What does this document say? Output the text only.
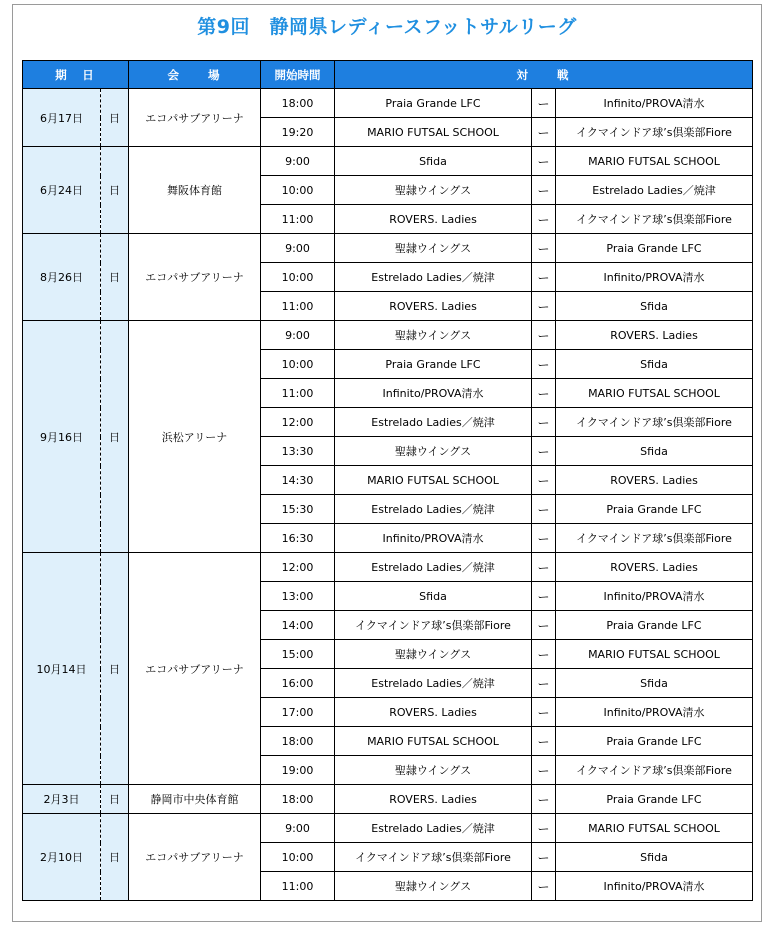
第9回　静岡県レディースフットサルリーグ
期　日		会　　場	開始時間	対　　戦		
6月17日	日	エコパサブアリーナ	18:00	Praia Grande LFC	ー	Infinito/PROVA清水
			19:20	MARIO FUTSAL SCHOOL	ー	イクマインドア球’s倶楽部Fiore
6月24日	日	舞阪体育館	9:00	Sfida	ー	MARIO FUTSAL SCHOOL
			10:00	聖隷ウイングス	ー	Estrelado Ladies／焼津
			11:00	ROVERS. Ladies	ー	イクマインドア球’s倶楽部Fiore
8月26日	日	エコパサブアリーナ	9:00	聖隷ウイングス	ー	Praia Grande LFC
			10:00	Estrelado Ladies／焼津	ー	Infinito/PROVA清水
			11:00	ROVERS. Ladies	ー	Sfida
9月16日	日	浜松アリーナ	9:00	聖隷ウイングス	ー	ROVERS. Ladies
			10:00	Praia Grande LFC	ー	Sfida
			11:00	Infinito/PROVA清水	ー	MARIO FUTSAL SCHOOL
			12:00	Estrelado Ladies／焼津	ー	イクマインドア球’s倶楽部Fiore
			13:30	聖隷ウイングス	ー	Sfida
			14:30	MARIO FUTSAL SCHOOL	ー	ROVERS. Ladies
			15:30	Estrelado Ladies／焼津	ー	Praia Grande LFC
			16:30	Infinito/PROVA清水	ー	イクマインドア球’s倶楽部Fiore
10月14日	日	エコパサブアリーナ	12:00	Estrelado Ladies／焼津	ー	ROVERS. Ladies
			13:00	Sfida	ー	Infinito/PROVA清水
			14:00	イクマインドア球’s倶楽部Fiore	ー	Praia Grande LFC
			15:00	聖隷ウイングス	ー	MARIO FUTSAL SCHOOL
			16:00	Estrelado Ladies／焼津	ー	Sfida
			17:00	ROVERS. Ladies	ー	Infinito/PROVA清水
			18:00	MARIO FUTSAL SCHOOL	ー	Praia Grande LFC
			19:00	聖隷ウイングス	ー	イクマインドア球’s倶楽部Fiore
2月3日	日	静岡市中央体育館	18:00	ROVERS. Ladies	ー	Praia Grande LFC
2月10日	日	エコパサブアリーナ	9:00	Estrelado Ladies／焼津	ー	MARIO FUTSAL SCHOOL
			10:00	イクマインドア球’s倶楽部Fiore	ー	Sfida
			11:00	聖隷ウイングス	ー	Infinito/PROVA清水
